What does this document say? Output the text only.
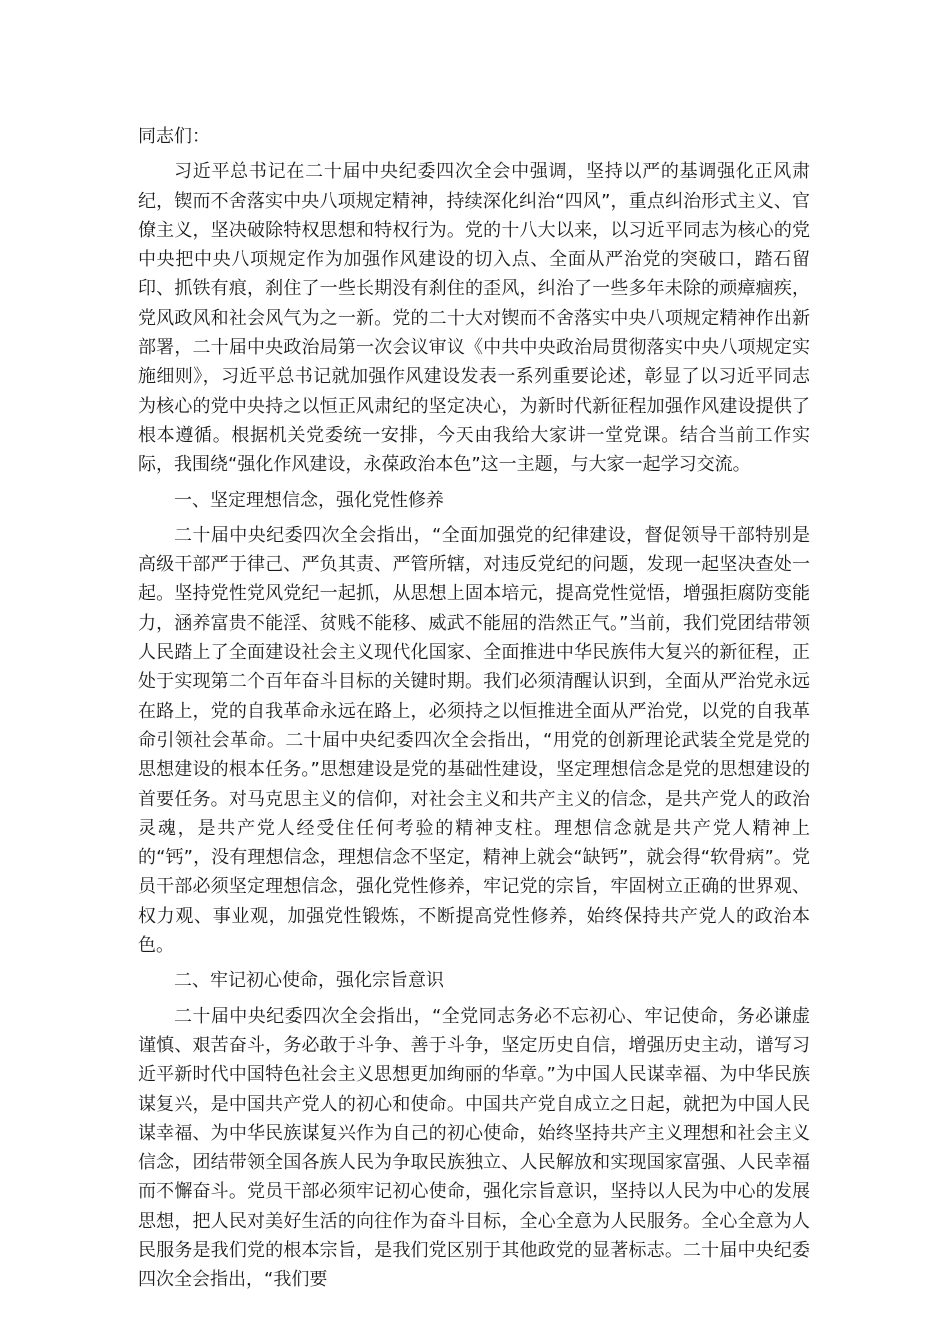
同志们：

习近平总书记在二十届中央纪委四次全会中强调，坚持以严的基调强化正风肃纪，锲而不舍落实中央八项规定精神，持续深化纠治“四风”，重点纠治形式主义、官僚主义，坚决破除特权思想和特权行为。党的十八大以来，以习近平同志为核心的党中央把中央八项规定作为加强作风建设的切入点、全面从严治党的突破口，踏石留印、抓铁有痕，刹住了一些长期没有刹住的歪风，纠治了一些多年未除的顽瘴痼疾，党风政风和社会风气为之一新。党的二十大对锲而不舍落实中央八项规定精神作出新部署，二十届中央政治局第一次会议审议《中共中央政治局贯彻落实中央八项规定实施细则》，习近平总书记就加强作风建设发表一系列重要论述，彰显了以习近平同志为核心的党中央持之以恒正风肃纪的坚定决心，为新时代新征程加强作风建设提供了根本遵循。根据机关党委统一安排，今天由我给大家讲一堂党课。结合当前工作实际，我围绕“强化作风建设，永葆政治本色”这一主题，与大家一起学习交流。

一、坚定理想信念，强化党性修养

二十届中央纪委四次全会指出，“全面加强党的纪律建设，督促领导干部特别是高级干部严于律己、严负其责、严管所辖，对违反党纪的问题，发现一起坚决查处一起。坚持党性党风党纪一起抓，从思想上固本培元，提高党性觉悟，增强拒腐防变能力，涵养富贵不能淫、贫贱不能移、威武不能屈的浩然正气。”当前，我们党团结带领人民踏上了全面建设社会主义现代化国家、全面推进中华民族伟大复兴的新征程，正处于实现第二个百年奋斗目标的关键时期。我们必须清醒认识到，全面从严治党永远在路上，党的自我革命永远在路上，必须持之以恒推进全面从严治党，以党的自我革命引领社会革命。二十届中央纪委四次全会指出，“用党的创新理论武装全党是党的思想建设的根本任务。”思想建设是党的基础性建设，坚定理想信念是党的思想建设的首要任务。对马克思主义的信仰，对社会主义和共产主义的信念，是共产党人的政治灵魂，是共产党人经受住任何考验的精神支柱。理想信念就是共产党人精神上的“钙”，没有理想信念，理想信念不坚定，精神上就会“缺钙”，就会得“软骨病”。党员干部必须坚定理想信念，强化党性修养，牢记党的宗旨，牢固树立正确的世界观、权力观、事业观，加强党性锻炼，不断提高党性修养，始终保持共产党人的政治本色。

二、牢记初心使命，强化宗旨意识

二十届中央纪委四次全会指出，“全党同志务必不忘初心、牢记使命，务必谦虚谨慎、艰苦奋斗，务必敢于斗争、善于斗争，坚定历史自信，增强历史主动，谱写习近平新时代中国特色社会主义思想更加绚丽的华章。”为中国人民谋幸福、为中华民族谋复兴，是中国共产党人的初心和使命。中国共产党自成立之日起，就把为中国人民谋幸福、为中华民族谋复兴作为自己的初心使命，始终坚持共产主义理想和社会主义信念，团结带领全国各族人民为争取民族独立、人民解放和实现国家富强、人民幸福而不懈奋斗。党员干部必须牢记初心使命，强化宗旨意识，坚持以人民为中心的发展思想，把人民对美好生活的向往作为奋斗目标，全心全意为人民服务。全心全意为人民服务是我们党的根本宗旨，是我们党区别于其他政党的显著标志。二十届中央纪委四次全会指出，“我们要
